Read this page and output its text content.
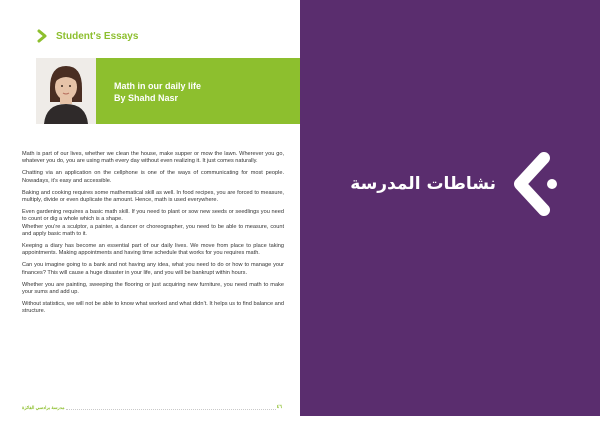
Student's Essays
Math in our daily life
By Shahd Nasr

Math is part of our lives, whether we clean the house, make supper or mow the lawn. Wherever you go, whatever you do, you are using math every day without even realizing it. It just comes naturally.

Chatting via an application on the cellphone is one of the ways of communicating for most people. Nowadays, it’s easy and accessible.

Baking and cooking requires some mathematical skill as well. In food recipes, you are forced to measure, multiply, divide or even duplicate the amount. Hence, math is used everywhere.

Even gardening requires a basic math skill. If you need to plant or sow new seeds or seedlings you need to count or dig a whole which is a shape.
Whether you’re a sculptor, a painter, a dancer or choreographer, you need to be able to measure, count and apply basic math to it.

Keeping a diary has become an essential part of our daily lives. We move from place to place taking appointments. Making appointments and having time schedule that works for you requires math.

Can you imagine going to a bank and not having any idea, what you need to do or how to manage your finances? This will cause a huge disaster in your life, and you will be bankrupt within hours.

Whether you are painting, sweeping the flooring or just acquiring new furniture, you need math to make your sums and add up.

Without statistics, we will not be able to know what worked and what didn’t. It helps us to find balance and structure.

مدرسة برادسي الفائزة	٤٦
نشاطات المدرسة
